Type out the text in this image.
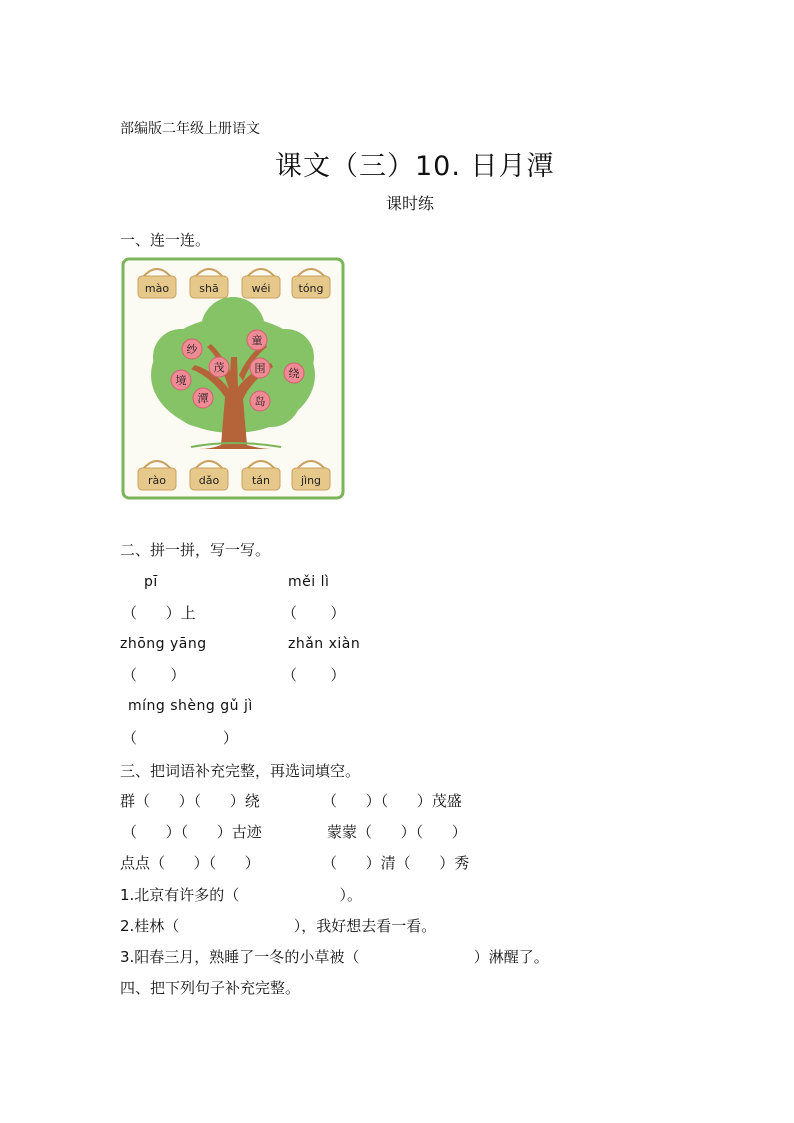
部编版二年级上册语文
课文（三）10. 日月潭
课时练
一、连一连。
mào	shā	wéi	tóng
纱
童
茂	围 绕
境
潭	岛
rào	dǎo	tán	jìng
二、拼一拼，写一写。
pī
（      ）上
měi lì
（       ）
zhōng yāng
（       ）
zhǎn xiàn
（       ）
míng shèng gǔ jì
（                  ）
三、把词语补充完整，再选词填空。
群（      ）（      ）绕	（      ）（      ）茂盛
（      ）（      ）古迹	蒙蒙（      ）（      ）
点点（      ）（      ）	（      ）清（      ）秀
1.北京有许多的（                     ）。
2.桂林（                        ），我好想去看一看。
3.阳春三月，熟睡了一冬的小草被（                        ）淋醒了。
四、把下列句子补充完整。
